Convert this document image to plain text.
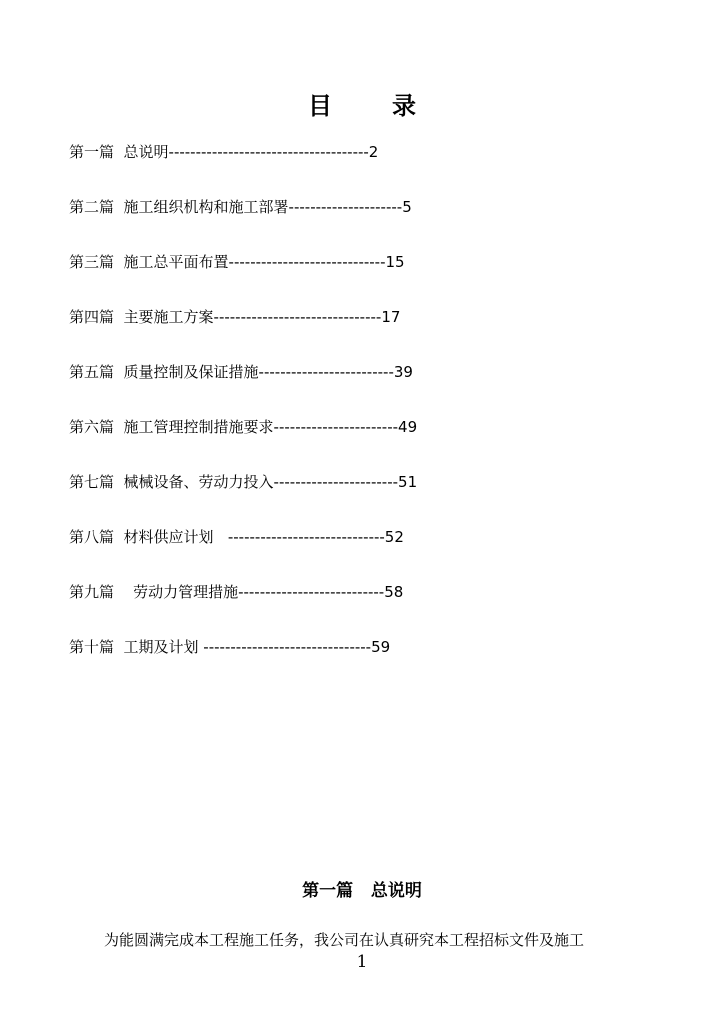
目　录
第一篇  总说明-------------------------------------2
第二篇  施工组织机构和施工部署---------------------5
第三篇  施工总平面布置-----------------------------15
第四篇  主要施工方案-------------------------------17
第五篇  质量控制及保证措施-------------------------39
第六篇  施工管理控制措施要求-----------------------49
第七篇  械械设备、劳动力投入-----------------------51
第八篇  材料供应计划   -----------------------------52
第九篇    劳动力管理措施---------------------------58
第十篇  工期及计划 -------------------------------59
第一篇   总说明
为能圆满完成本工程施工任务，我公司在认真研究本工程招标文件及施工
1
